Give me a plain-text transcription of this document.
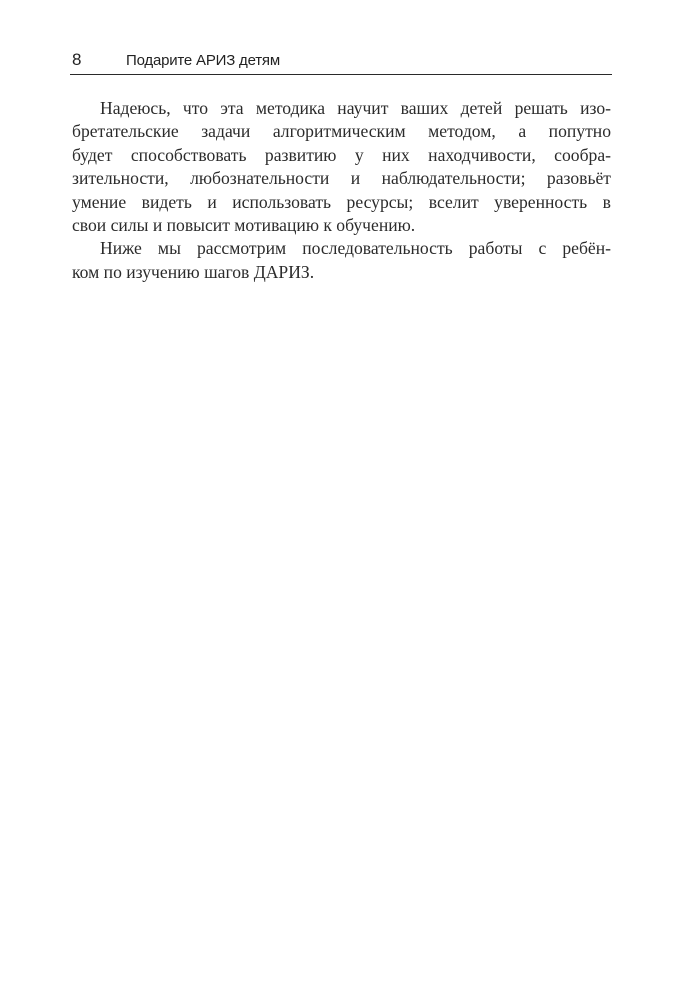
8	Подарите АРИЗ детям

Надеюсь, что эта методика научит ваших детей решать изо-
бретательские задачи алгоритмическим методом, а попутно
будет способствовать развитию у них находчивости, сообра-
зительности, любознательности и наблюдательности; разовьёт
умение видеть и использовать ресурсы; вселит уверенность в
свои силы и повысит мотивацию к обучению.

Ниже мы рассмотрим последовательность работы с ребён-
ком по изучению шагов ДАРИЗ.
